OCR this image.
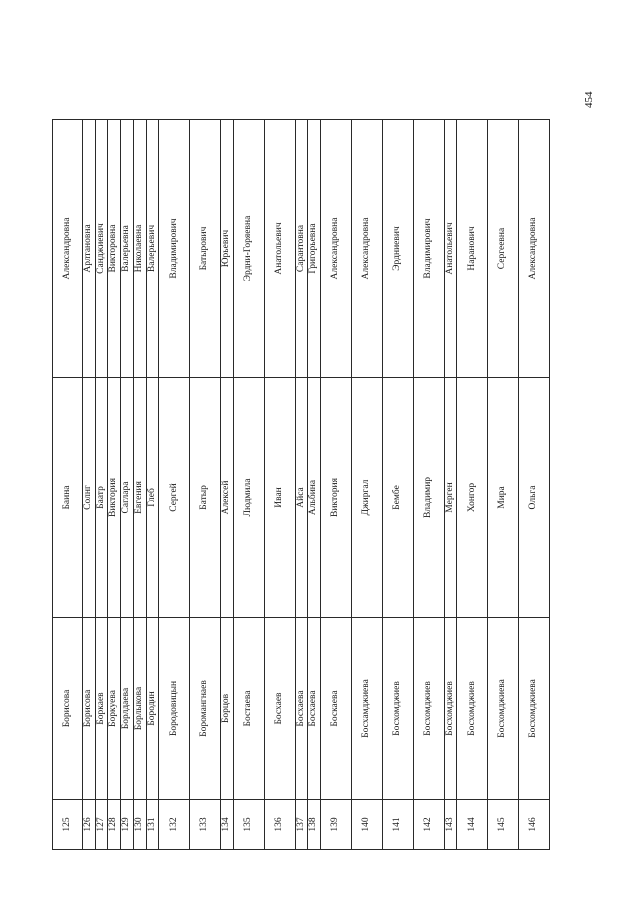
454
125	Борисова	Баина	Александровна
126	Борисова	Солнг	Арлтановна
127	Боркаев	Баатр	Санджиевич
128	Боркуева	Виктория	Викторовна
129	Борлдаева	Саглара	Валерьевна
130	Борлыкова	Евгения	Николаевна
131	Бородин	Глеб	Валерьевич
132	Бородовицын	Сергей	Владимирович
133	Боромангнаев	Батыр	Батырович
134	Борцов	Алексей	Юрьевич
135	Бостаева	Людмила	Эрдни-Горяевна
136	Босхаев	Иван	Анатольевич
137	Босхаева	Айса	Сарантовна
138	Босхаева	Альбина	Григорьевна
139	Боскаева	Виктория	Александровна
140	Босхамджиева	Джиргал	Александровна
141	Босхомджиев	Бембе	Эрдниевич
142	Босхомджиев	Владимир	Владимирович
143	Босхомджиев	Мерген	Анатольевич
144	Босхомджиев	Хонгор	Наранович
145	Босхомджиева	Мира	Сергеевна
146	Босхомджиева	Ольга	Александровна
